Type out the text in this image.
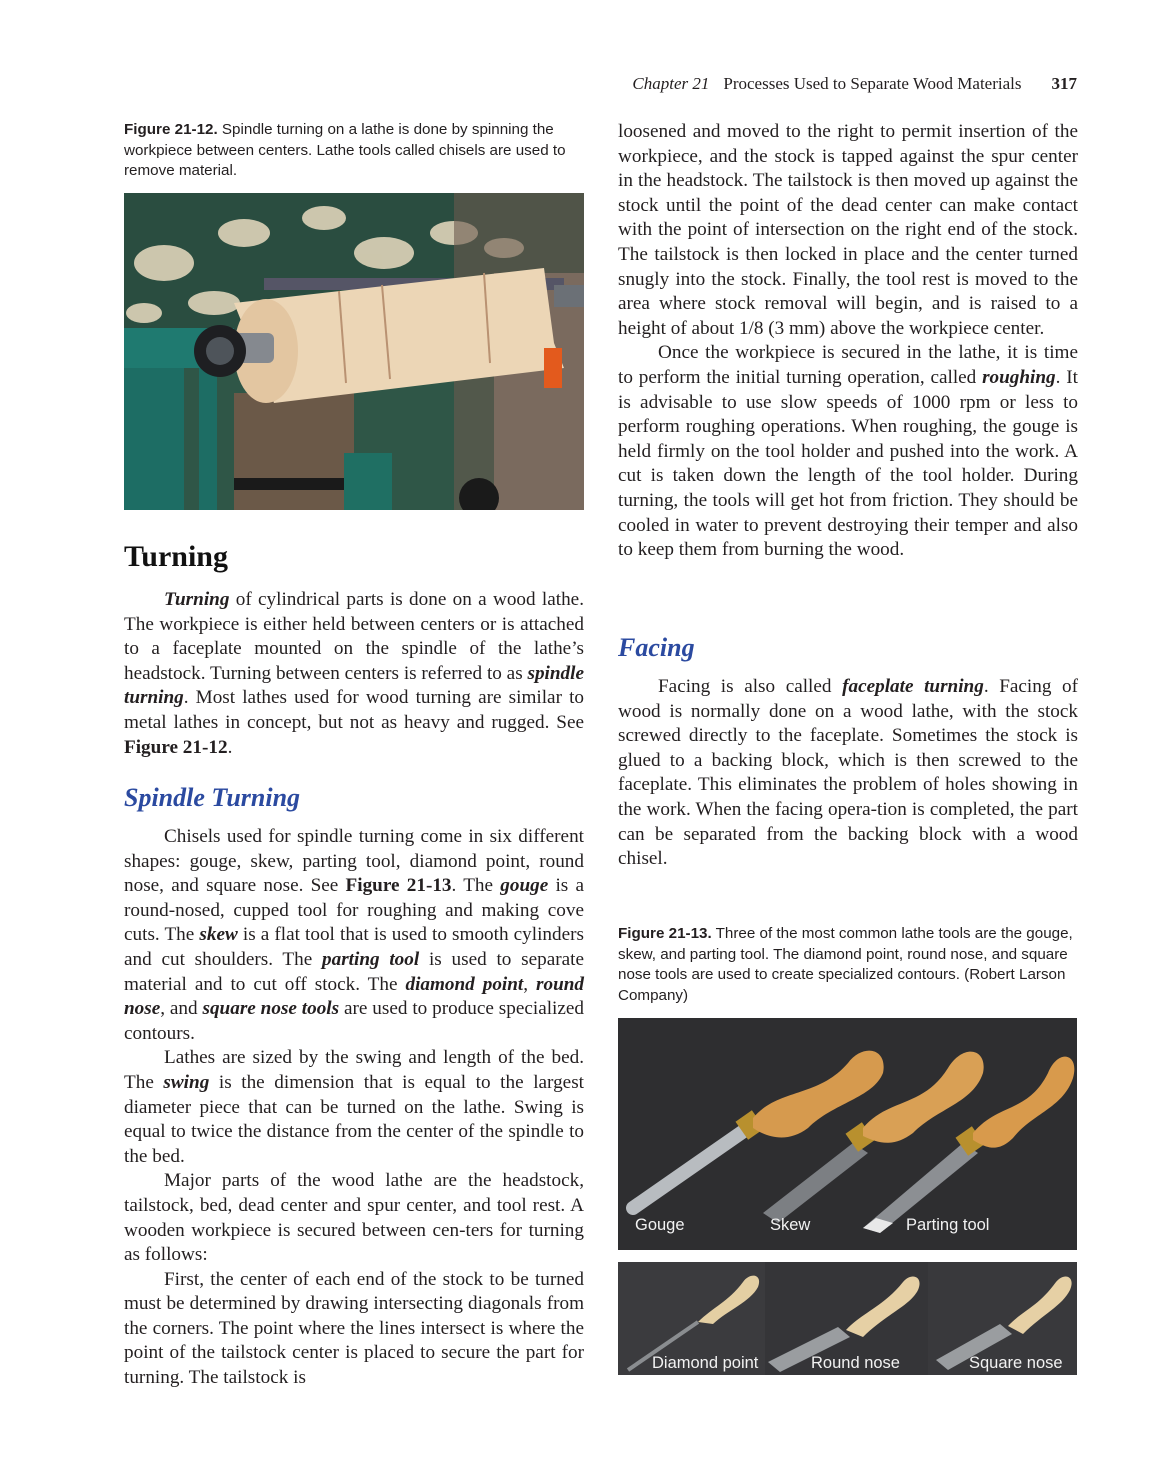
Chapter 21 Processes Used to Separate Wood Materials 317

Figure 21-12. Spindle turning on a lathe is done by spinning the workpiece between centers. Lathe tools called chisels are used to remove material.

Turning

Turning of cylindrical parts is done on a wood lathe. The workpiece is either held between centers or is attached to a faceplate mounted on the spindle of the lathe’s headstock. Turning between centers is referred to as spindle turning. Most lathes used for wood turning are similar to metal lathes in concept, but not as heavy and rugged. See Figure 21-12.

Spindle Turning

Chisels used for spindle turning come in six different shapes: gouge, skew, parting tool, diamond point, round nose, and square nose. See Figure 21-13. The gouge is a round-nosed, cupped tool for roughing and making cove cuts. The skew is a flat tool that is used to smooth cylinders and cut shoulders. The parting tool is used to separate material and to cut off stock. The diamond point, round nose, and square nose tools are used to produce specialized contours.

Lathes are sized by the swing and length of the bed. The swing is the dimension that is equal to the largest diameter piece that can be turned on the lathe. Swing is equal to twice the distance from the center of the spindle to the bed.

Major parts of the wood lathe are the headstock, tailstock, bed, dead center and spur center, and tool rest. A wooden workpiece is secured between cen-ters for turning as follows:

First, the center of each end of the stock to be turned must be determined by drawing intersecting diagonals from the corners. The point where the lines intersect is where the point of the tailstock center is placed to secure the part for turning. The tailstock is

loosened and moved to the right to permit insertion of the workpiece, and the stock is tapped against the spur center in the headstock. The tailstock is then moved up against the stock until the point of the dead center can make contact with the point of intersection on the right end of the stock. The tailstock is then locked in place and the center turned snugly into the stock. Finally, the tool rest is moved to the area where stock removal will begin, and is raised to a height of about 1/8 (3 mm) above the workpiece center.

Once the workpiece is secured in the lathe, it is time to perform the initial turning operation, called roughing. It is advisable to use slow speeds of 1000 rpm or less to perform roughing operations. When roughing, the gouge is held firmly on the tool holder and pushed into the work. A cut is taken down the length of the tool holder. During turning, the tools will get hot from friction. They should be cooled in water to prevent destroying their temper and also to keep them from burning the wood.

Facing

Facing is also called faceplate turning. Facing of wood is normally done on a wood lathe, with the stock screwed directly to the faceplate. Sometimes the stock is glued to a backing block, which is then screwed to the faceplate. This eliminates the problem of holes showing in the work. When the facing opera-tion is completed, the part can be separated from the backing block with a wood chisel.

Figure 21-13. Three of the most common lathe tools are the gouge, skew, and parting tool. The diamond point, round nose, and square nose tools are used to create specialized contours. (Robert Larson Company)

Gouge	Skew	Parting tool
Diamond point	Round nose	Square nose
